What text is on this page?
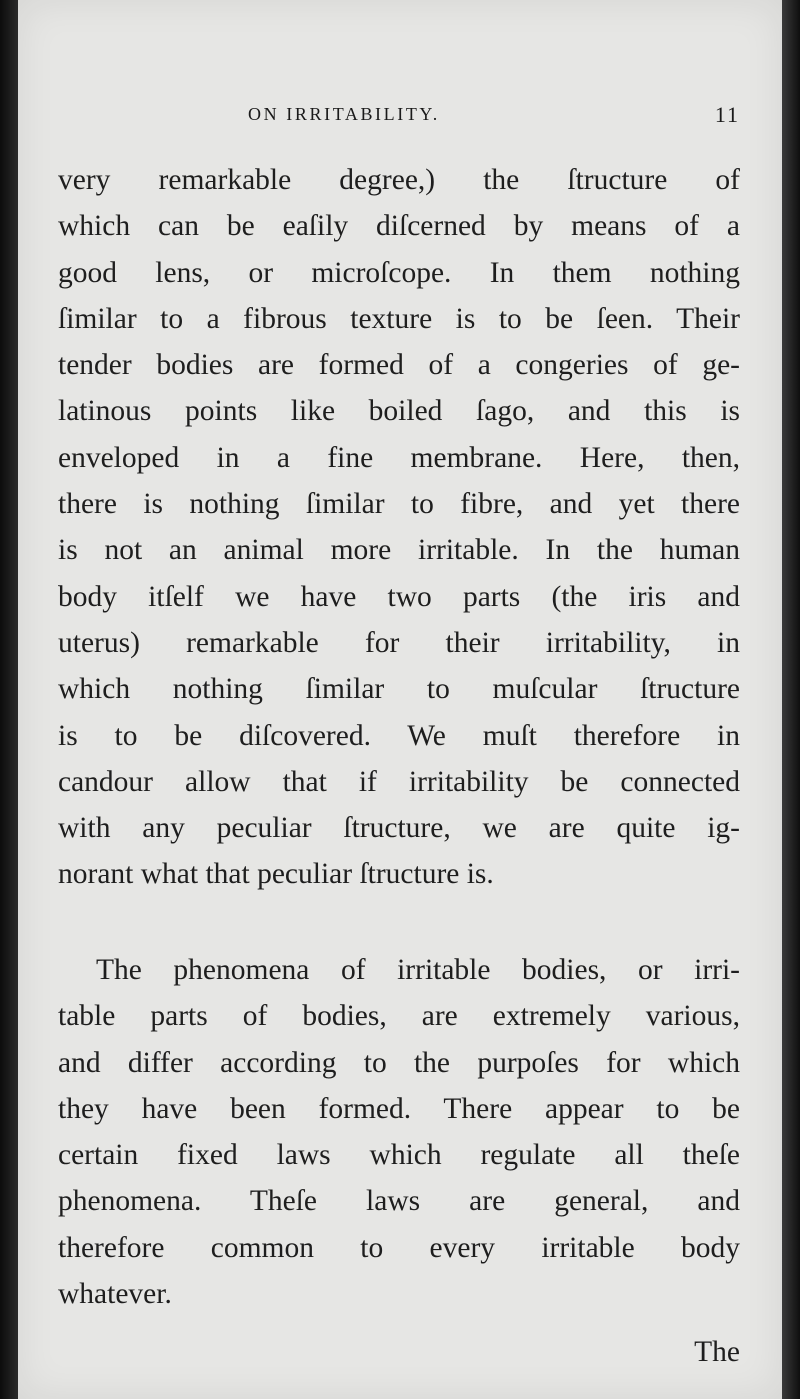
ON IRRITABILITY.	11
very remarkable degree,) the ſtructure of
which can be eaſily diſcerned by means of a
good lens, or microſcope. In them nothing
ſimilar to a fibrous texture is to be ſeen. Their
tender bodies are formed of a congeries of ge-
latinous points like boiled ſago, and this is
enveloped in a fine membrane. Here, then,
there is nothing ſimilar to fibre, and yet there
is not an animal more irritable. In the human
body itſelf we have two parts (the iris and
uterus) remarkable for their irritability, in
which nothing ſimilar to muſcular ſtructure
is to be diſcovered. We muſt therefore in
candour allow that if irritability be connected
with any peculiar ſtructure, we are quite ig-
norant what that peculiar ſtructure is.
The phenomena of irritable bodies, or irri-
table parts of bodies, are extremely various,
and differ according to the purpoſes for which
they have been formed. There appear to be
certain fixed laws which regulate all theſe
phenomena. Theſe laws are general, and
therefore common to every irritable body
whatever.
The
